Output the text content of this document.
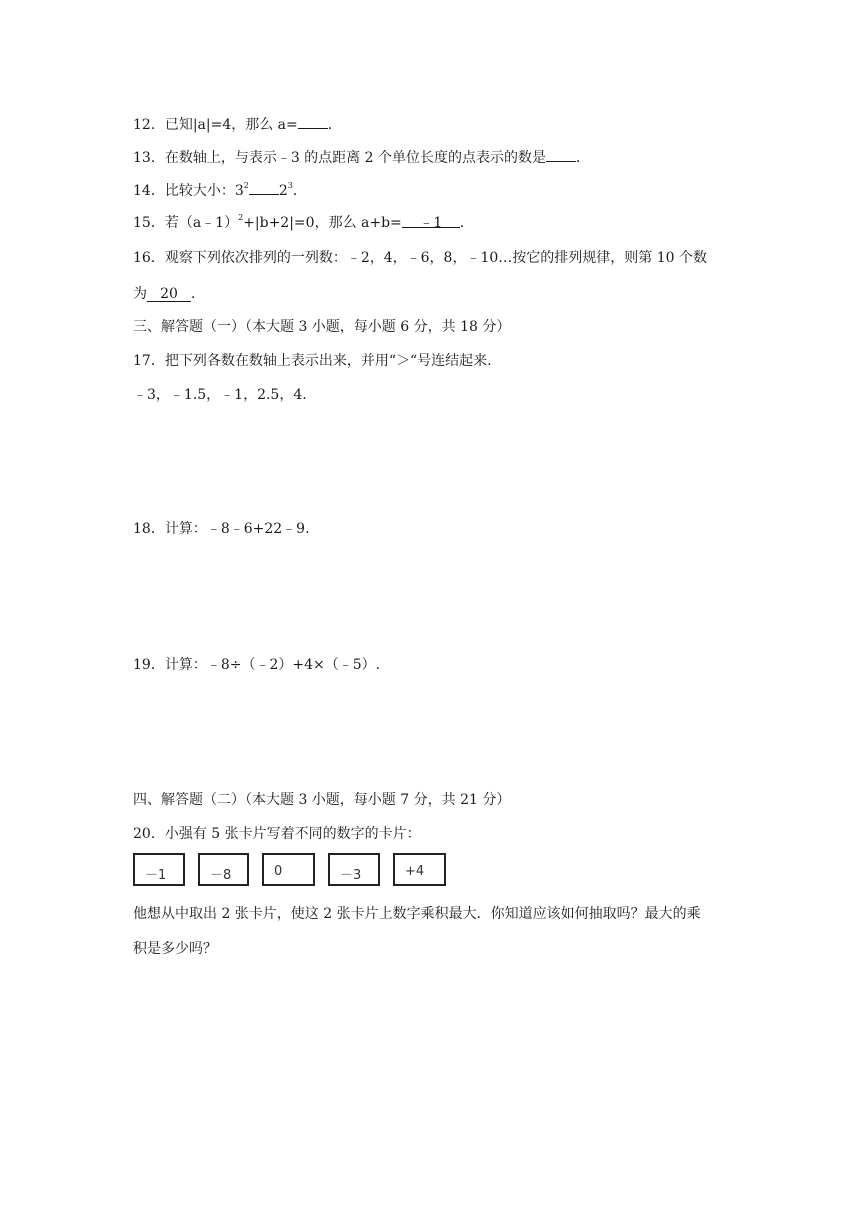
12．已知|a|=4，那么 a= ．
13．在数轴上，与表示﹣3 的点距离 2 个单位长度的点表示的数是 ．
14．比较大小：$3^2$ $2^3$．
15．若（a﹣1）$^2$+|b+2|=0，那么 a+b= ﹣1 ．
16．观察下列依次排列的一列数：﹣2，4，﹣6，8，﹣10…按它的排列规律，则第 10 个数
为 20 ．
三、解答题（一）（本大题 3 小题，每小题 6 分，共 18 分）
17．把下列各数在数轴上表示出来，并用“＞“号连结起来.
﹣3，﹣1.5，﹣1，2.5，4.
18．计算：﹣8﹣6+22﹣9.
19．计算：﹣8÷（﹣2）+4×（﹣5）.
四、解答题（二）（本大题 3 小题，每小题 7 分，共 21 分）
20．小强有 5 张卡片写着不同的数字的卡片：
－1	－8	0	－3	+4
他想从中取出 2 张卡片，使这 2 张卡片上数字乘积最大．你知道应该如何抽取吗？最大的乘
积是多少吗？
